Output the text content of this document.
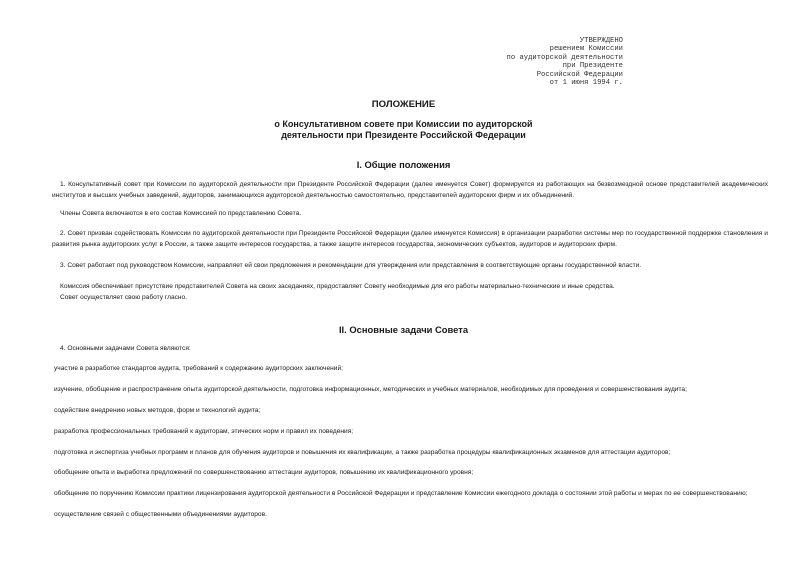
УТВЕРЖДЕНО
решением Комиссии
по аудиторской деятельности
при Президенте
Российской Федерации
от 1 июня 1994 г.
ПОЛОЖЕНИЕ
о Консультативном совете при Комиссии по аудиторской
деятельности при Президенте Российской Федерации
I. Общие положения
1. Консультативный совет при Комиссии по аудиторской деятельности при Президенте Российской Федерации (далее именуется Совет) формируется из работающих на безвозмездной основе представителей академических институтов и высших учебных заведений, аудиторов, занимающихся аудиторской деятельностью самостоятельно, представителей аудиторских фирм и их объединений.
Члены Совета включаются в его состав Комиссией по представлению Совета.
2. Совет призван содействовать Комиссии по аудиторской деятельности при Президенте Российской Федерации (далее именуется Комиссия) в организации разработки системы мер по государственной поддержке становления и развития рынка аудиторских услуг в России, а также защите интересов государства, а также защите интересов государства, экономических субъектов, аудиторов и аудиторских фирм.
3. Совет работает под руководством Комиссии, направляет ей свои предложения и рекомендации для утверждения или представления в соответствующие органы государственной власти.
Комиссия обеспечивает присутствие представителей Совета на своих заседаниях, предоставляет Совету необходимые для его работы материально-технические и иные средства.
Совет осуществляет свою работу гласно.
II. Основные задачи Совета
4. Основными задачами Совета являются:
участие в разработке стандартов аудита, требований к содержанию аудиторских заключений;
изучение, обобщение и распространение опыта аудиторской деятельности, подготовка информационных, методических и учебных материалов, необходимых для проведения и совершенствования аудита;
содействие внедрению новых методов, форм и технологий аудита;
разработка профессиональных требований к аудиторам, этических норм и правил их поведения;
подготовка и экспертиза учебных программ и планов для обучения аудиторов и повышения их квалификации, а также разработка процедуры квалификационных экзаменов для аттестации аудиторов;
обобщение опыта и выработка предложений по совершенствованию аттестации аудиторов, повышению их квалификационного уровня;
обобщение по поручению Комиссии практики лицензирования аудиторской деятельности в Российской Федерации и представление Комиссии ежегодного доклада о состоянии этой работы и мерах по ее совершенствованию;
осуществление связей с общественными объединениями аудиторов.
